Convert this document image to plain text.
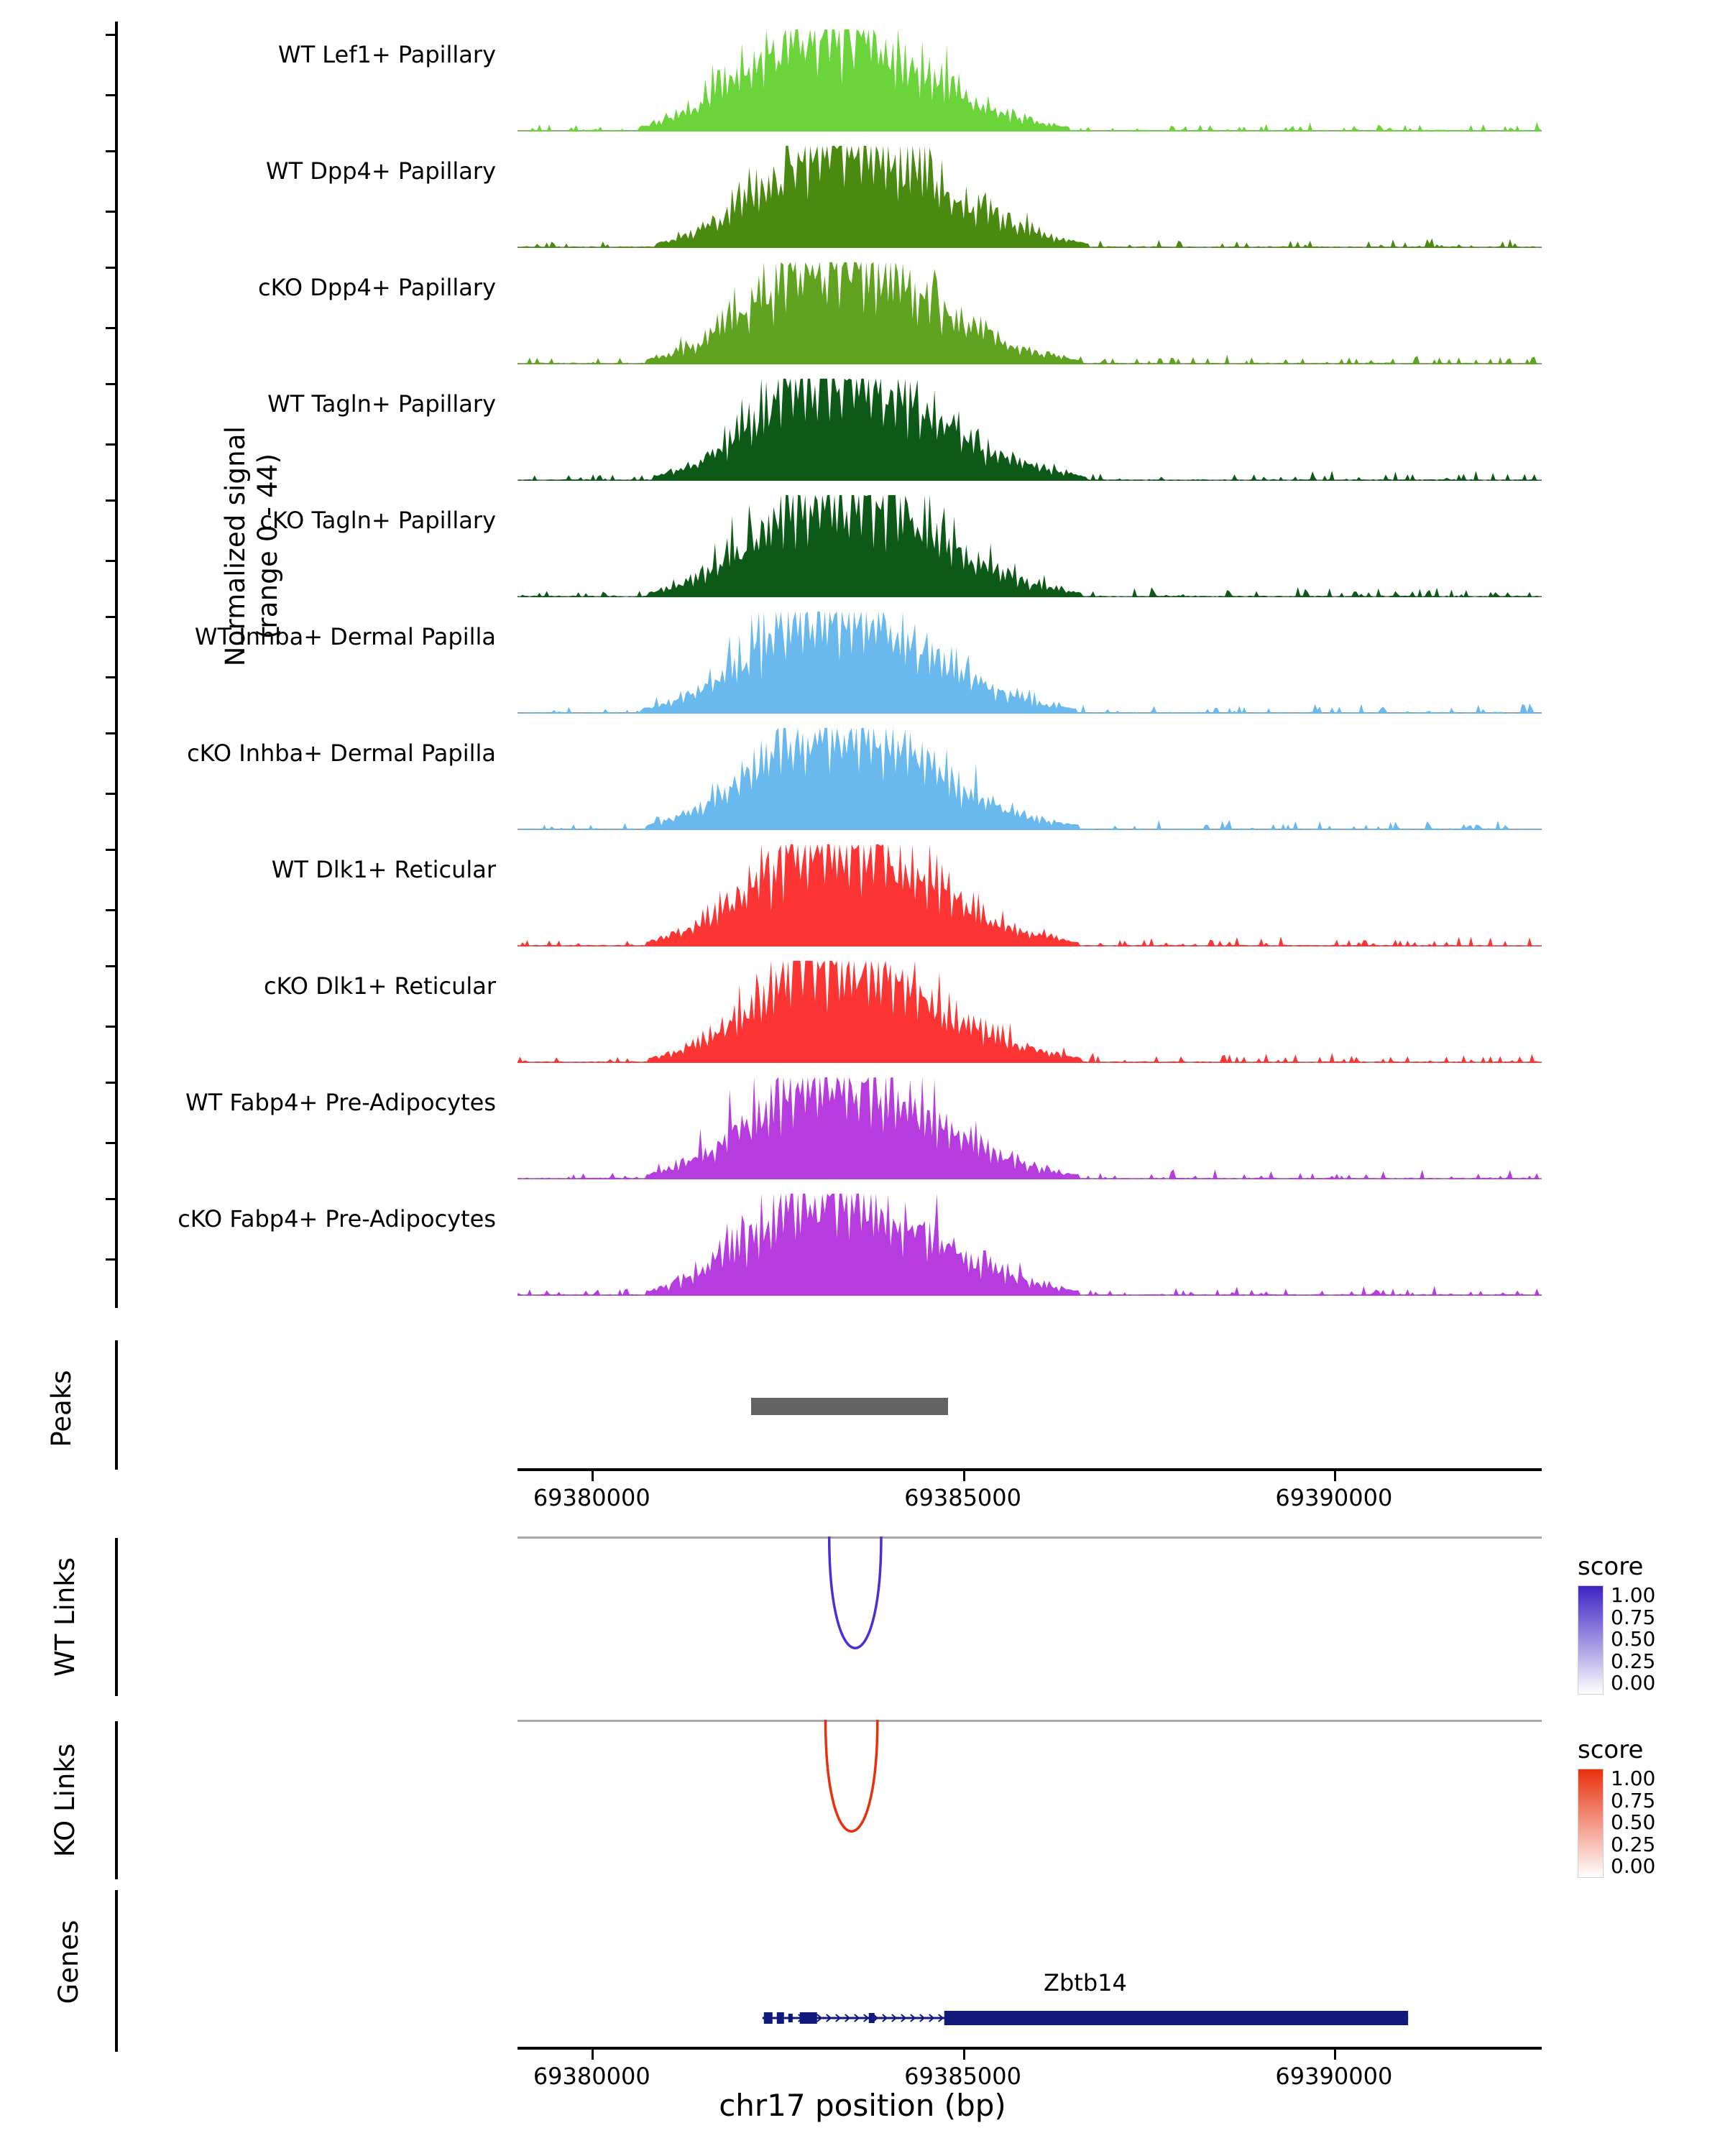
Normalized signal (range 0 - 44)
WT Lef1+ Papillary
WT Dpp4+ Papillary
cKO Dpp4+ Papillary
WT Tagln+ Papillary
cKO Tagln+ Papillary
WT Inhba+ Dermal Papilla
cKO Inhba+ Dermal Papilla
WT Dlk1+ Reticular
cKO Dlk1+ Reticular
WT Fabp4+ Pre-Adipocytes
cKO Fabp4+ Pre-Adipocytes
Peaks
69380000	69385000	69390000
WT Links	score
1.00
0.75
0.50
0.25
0.00
KO Links	score
1.00
0.75
0.50
0.25
0.00
Genes	Zbtb14
69380000	69385000	69390000
chr17 position (bp)
